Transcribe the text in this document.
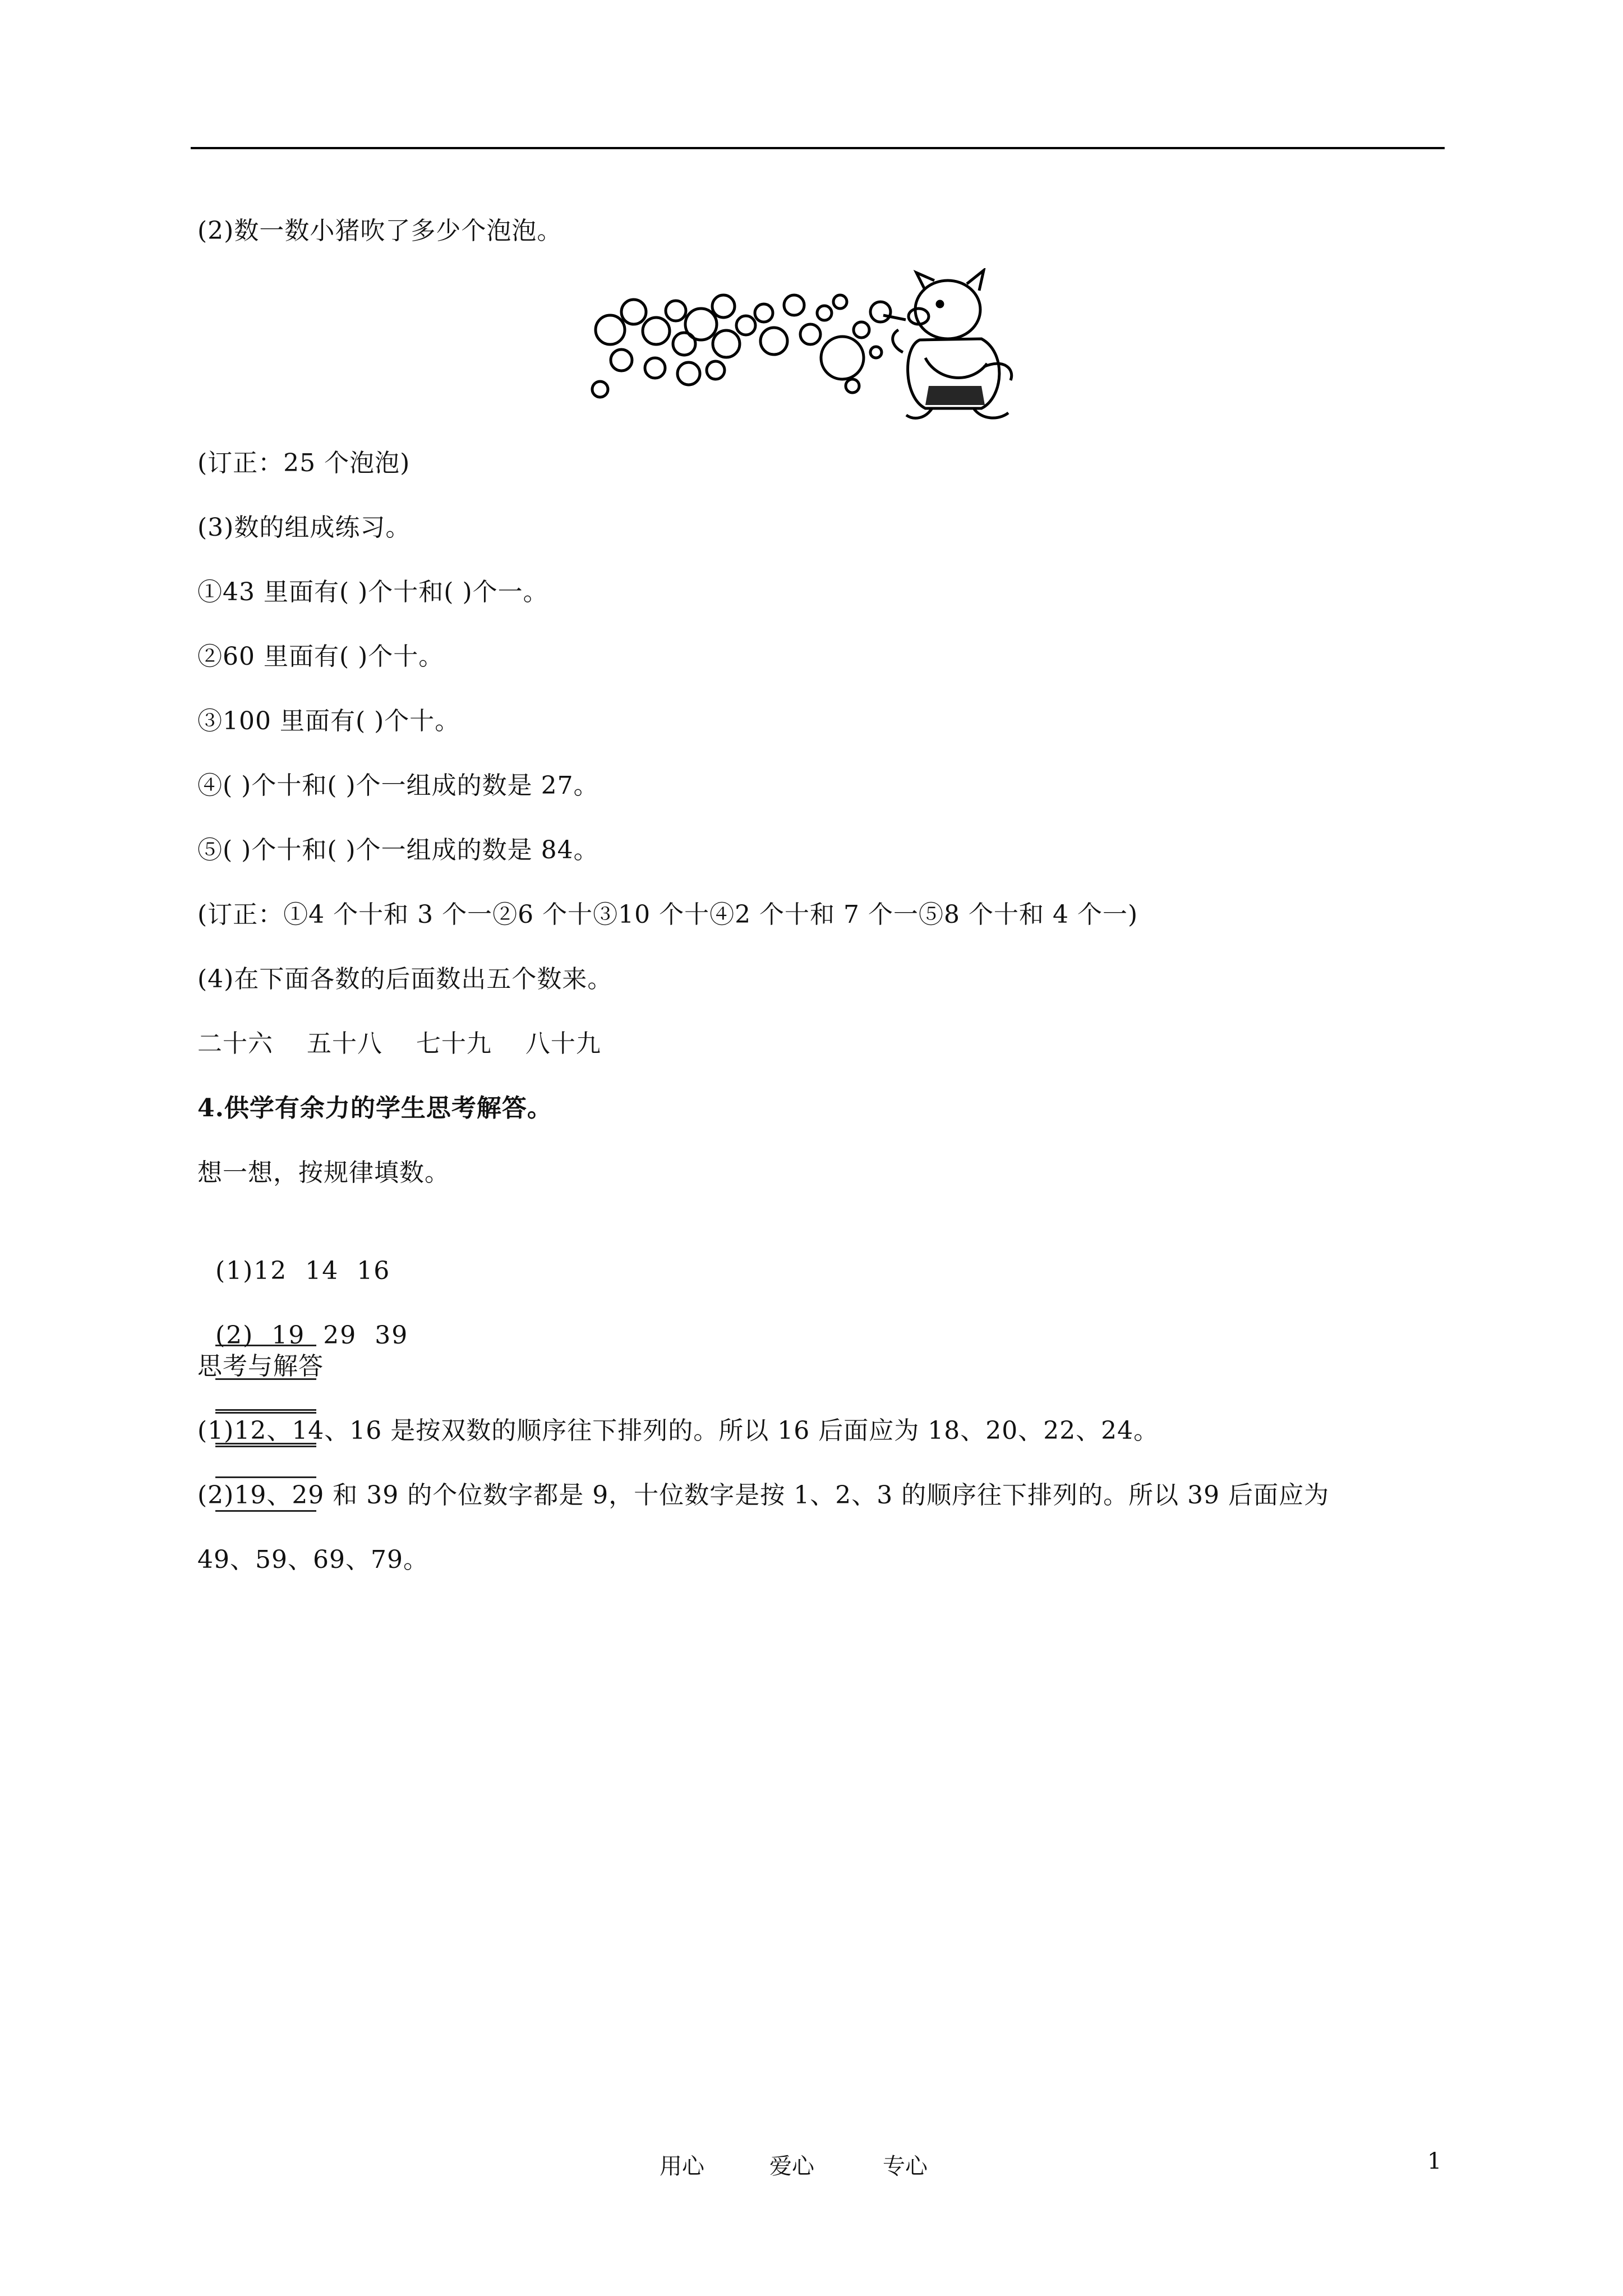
(2)数一数小猪吹了多少个泡泡。
(订正：25 个泡泡)
(3)数的组成练习。
①43 里面有( )个十和( )个一。
②60 里面有( )个十。
③100 里面有( )个十。
④( )个十和( )个一组成的数是 27。
⑤( )个十和( )个一组成的数是 84。
(订正：①4 个十和 3 个一②6 个十③10 个十④2 个十和 7 个一⑤8 个十和 4 个一)
(4)在下面各数的后面数出五个数来。
二十六    五十八    七十九    八十九
4.供学有余力的学生思考解答。
想一想，按规律填数。

(1)12  14  16

(2)  19  29  39

思考与解答
(1)12、14、16 是按双数的顺序往下排列的。所以 16 后面应为 18、20、22、24。
(2)19、29 和 39 的个位数字都是 9，十位数字是按 1、2、3 的顺序往下排列的。所以 39 后面应为
49、59、69、79。
用心	爱心	专心	1
